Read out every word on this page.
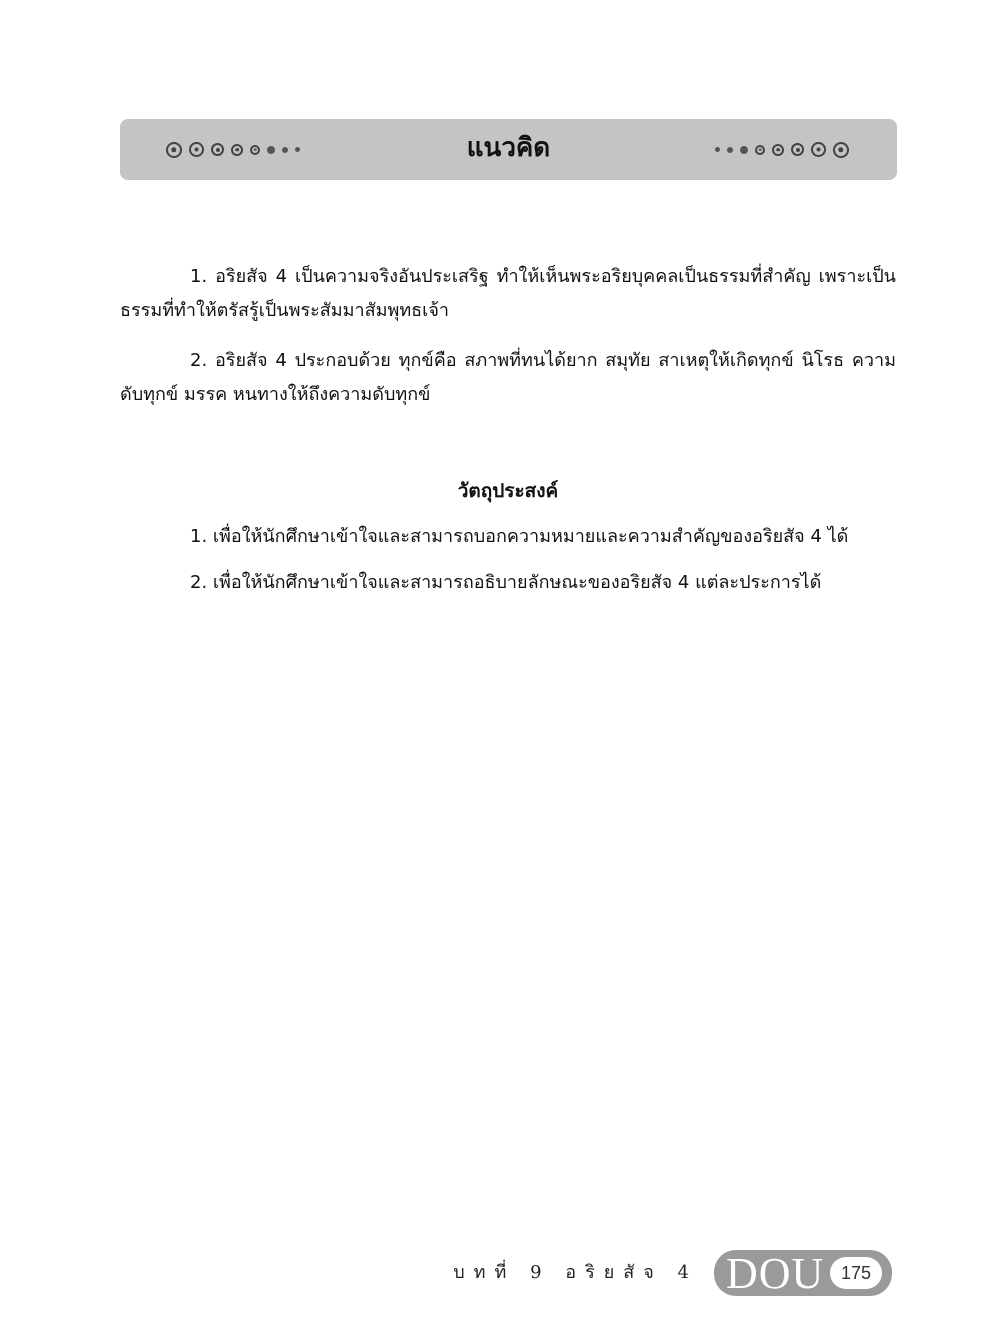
แนวคิด

1. อริยสัจ 4 เป็นความจริงอันประเสริฐ ทำให้เห็นพระอริยบุคคลเป็นธรรมที่สำคัญ เพราะเป็นธรรมที่ทำให้ตรัสรู้เป็นพระสัมมาสัมพุทธเจ้า

2. อริยสัจ 4 ประกอบด้วย ทุกข์คือ สภาพที่ทนได้ยาก สมุทัย สาเหตุให้เกิดทุกข์ นิโรธ ความดับทุกข์ มรรค หนทางให้ถึงความดับทุกข์

วัตถุประสงค์
1. เพื่อให้นักศึกษาเข้าใจและสามารถบอกความหมายและความสำคัญของอริยสัจ 4 ได้
2. เพื่อให้นักศึกษาเข้าใจและสามารถอธิบายลักษณะของอริยสัจ 4 แต่ละประการได้
บทที่ 9 อริยสัจ 4 DOU 175
